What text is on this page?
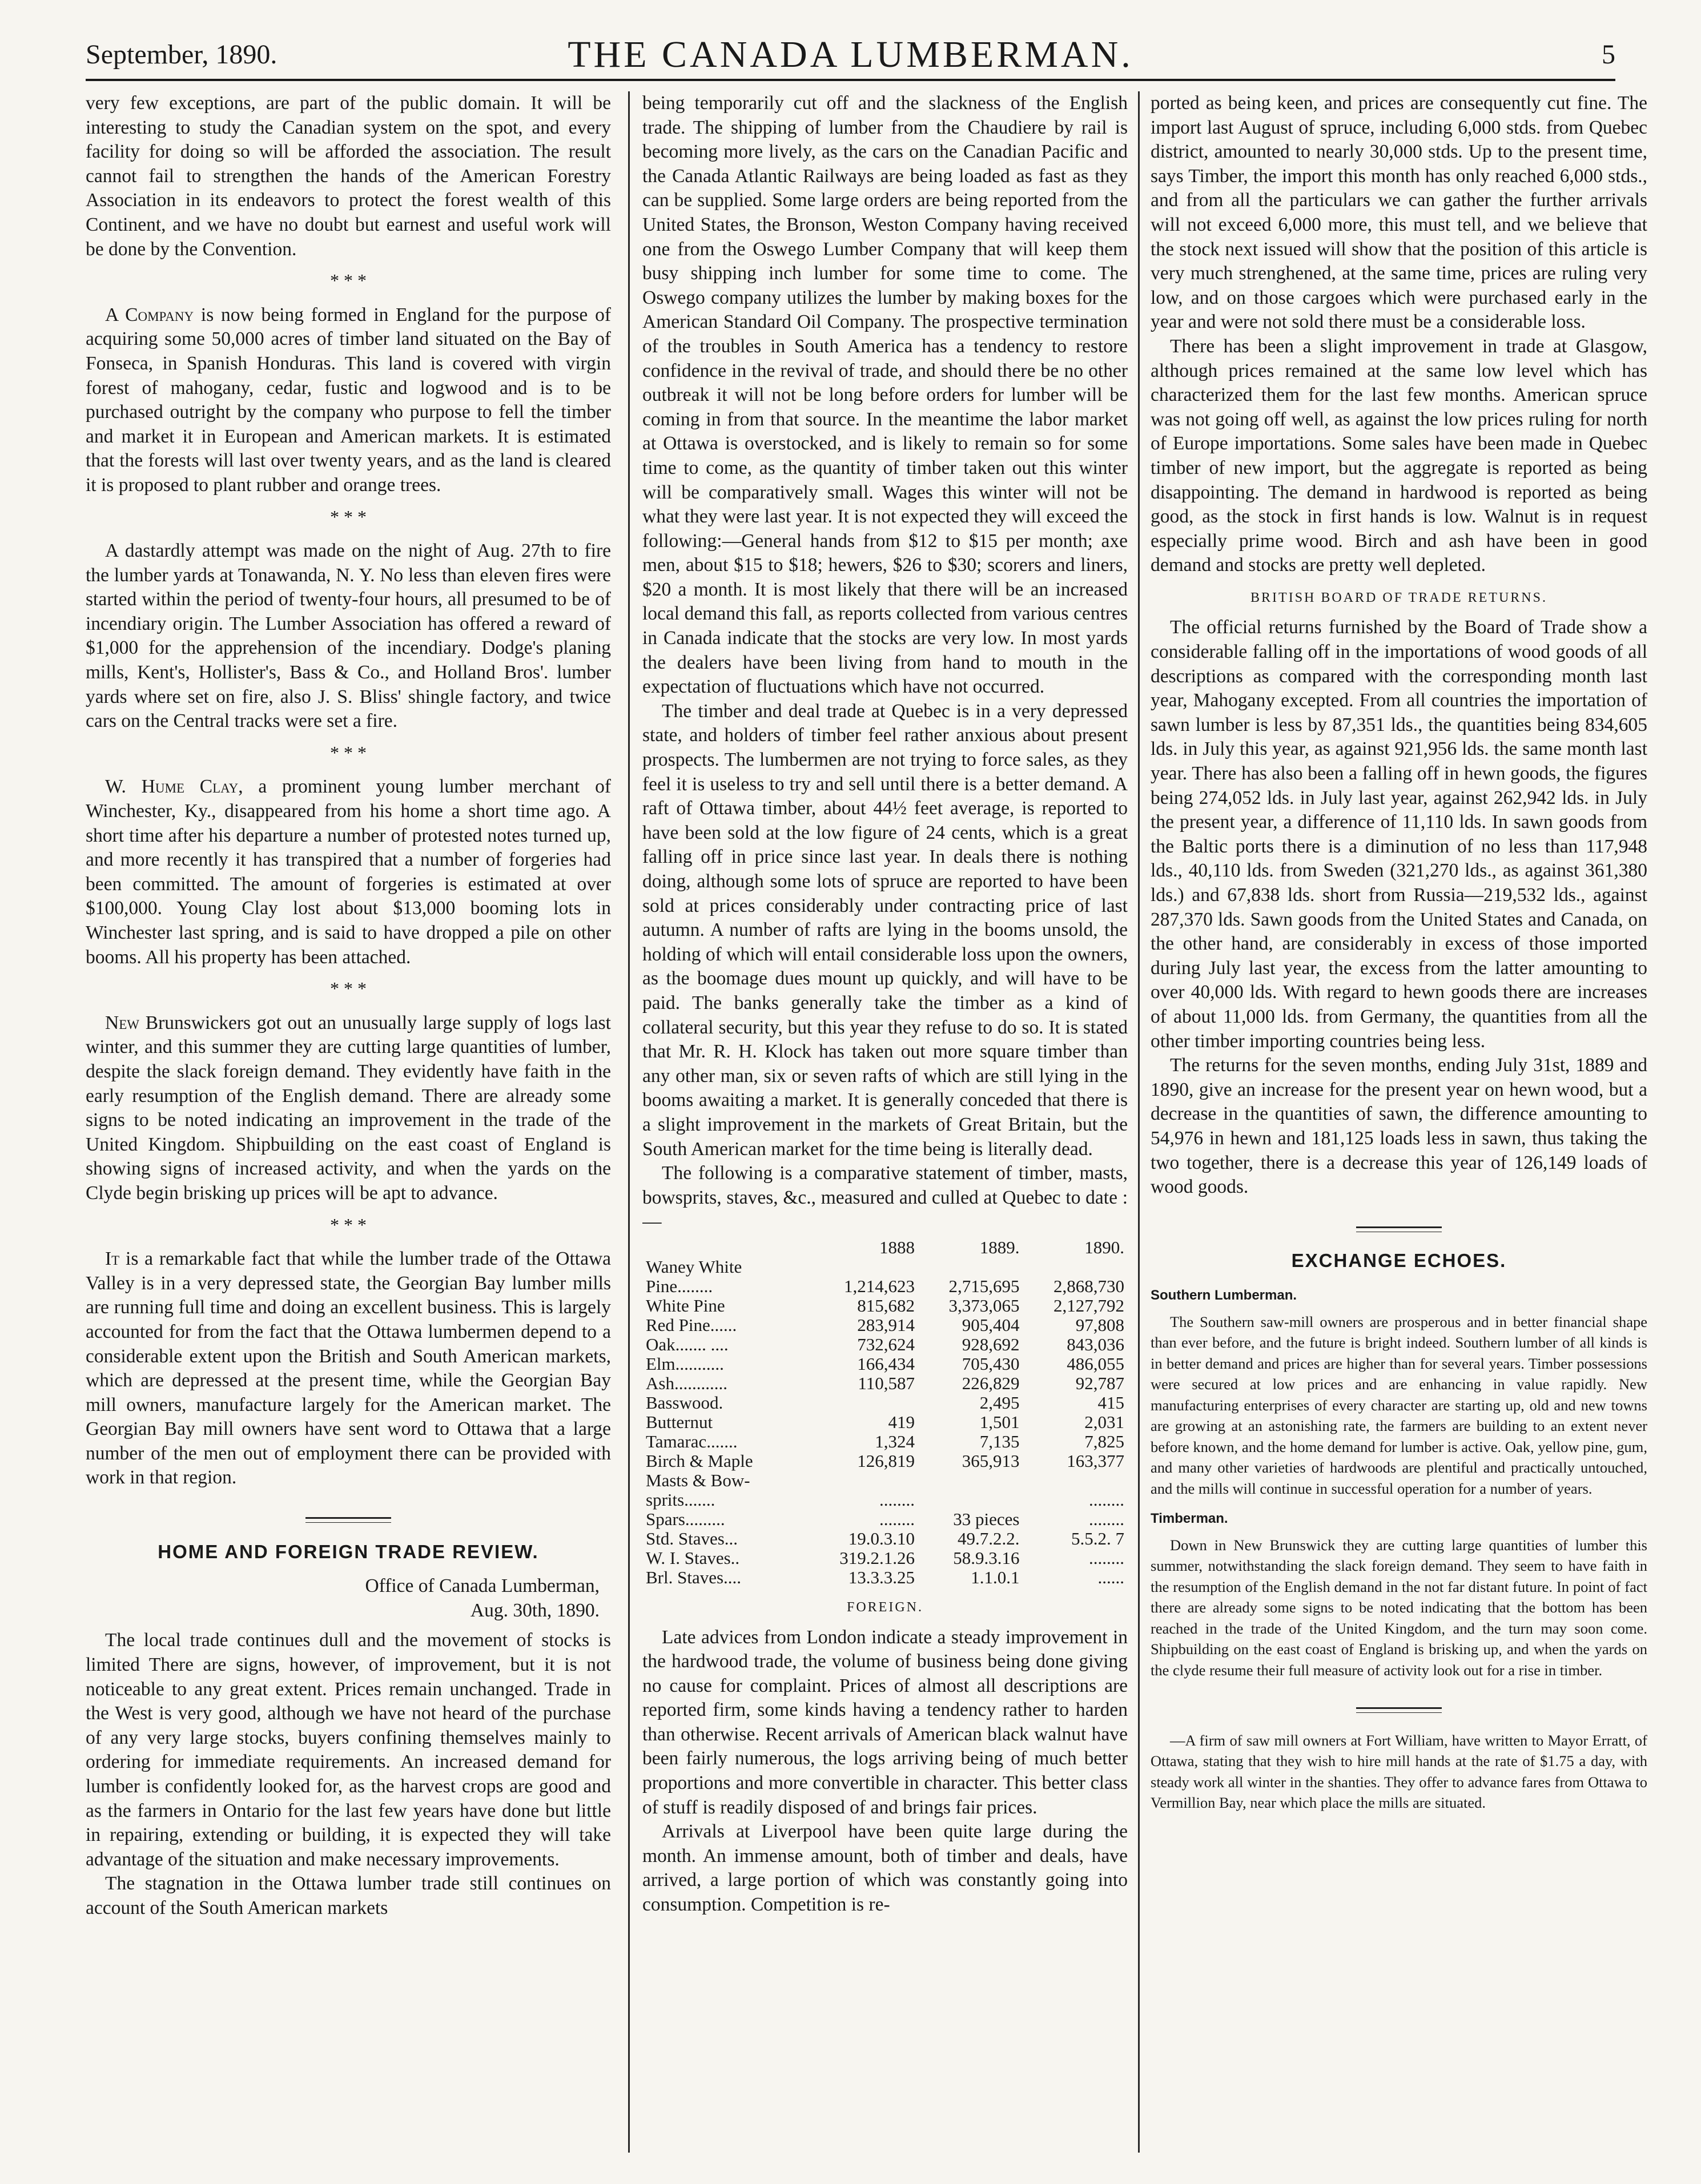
September, 1890.	THE CANADA LUMBERMAN.	5

very few exceptions, are part of the public domain. It will be interesting to study the Canadian system on the spot, and every facility for doing so will be afforded the association. The result cannot fail to strengthen the hands of the American Forestry Association in its endeavors to protect the forest wealth of this Continent, and we have no doubt but earnest and useful work will be done by the Convention.

* * *

A Company is now being formed in England for the purpose of acquiring some 50,000 acres of timber land situated on the Bay of Fonseca, in Spanish Honduras. This land is covered with virgin forest of mahogany, cedar, fustic and logwood and is to be purchased outright by the company who purpose to fell the timber and market it in European and American markets. It is estimated that the forests will last over twenty years, and as the land is cleared it is proposed to plant rubber and orange trees.

* * *

A dastardly attempt was made on the night of Aug. 27th to fire the lumber yards at Tonawanda, N. Y. No less than eleven fires were started within the period of twenty-four hours, all presumed to be of incendiary origin. The Lumber Association has offered a reward of $1,000 for the apprehension of the incendiary. Dodge's planing mills, Kent's, Hollister's, Bass & Co., and Holland Bros'. lumber yards where set on fire, also J. S. Bliss' shingle factory, and twice cars on the Central tracks were set a fire.

* * *

W. Hume Clay, a prominent young lumber merchant of Winchester, Ky., disappeared from his home a short time ago. A short time after his departure a number of protested notes turned up, and more recently it has transpired that a number of forgeries had been committed. The amount of forgeries is estimated at over $100,000. Young Clay lost about $13,000 booming lots in Winchester last spring, and is said to have dropped a pile on other booms. All his property has been attached.

* * *

New Brunswickers got out an unusually large supply of logs last winter, and this summer they are cutting large quantities of lumber, despite the slack foreign demand. They evidently have faith in the early resumption of the English demand. There are already some signs to be noted indicating an improvement in the trade of the United Kingdom. Shipbuilding on the east coast of England is showing signs of increased activity, and when the yards on the Clyde begin brisking up prices will be apt to advance.

* * *

It is a remarkable fact that while the lumber trade of the Ottawa Valley is in a very depressed state, the Georgian Bay lumber mills are running full time and doing an excellent business. This is largely accounted for from the fact that the Ottawa lumbermen depend to a considerable extent upon the British and South American markets, which are depressed at the present time, while the Georgian Bay mill owners, manufacture largely for the American market. The Georgian Bay mill owners have sent word to Ottawa that a large number of the men out of employment there can be provided with work in that region.

HOME AND FOREIGN TRADE REVIEW.
Office of Canada Lumberman,
Aug. 30th, 1890.

The local trade continues dull and the movement of stocks is limited There are signs, however, of improvement, but it is not noticeable to any great extent. Prices remain unchanged. Trade in the West is very good, although we have not heard of the purchase of any very large stocks, buyers confining themselves mainly to ordering for immediate requirements. An increased demand for lumber is confidently looked for, as the harvest crops are good and as the farmers in Ontario for the last few years have done but little in repairing, extending or building, it is expected they will take advantage of the situation and make necessary improvements.

The stagnation in the Ottawa lumber trade still continues on account of the South American markets

being temporarily cut off and the slackness of the English trade. The shipping of lumber from the Chaudiere by rail is becoming more lively, as the cars on the Canadian Pacific and the Canada Atlantic Railways are being loaded as fast as they can be supplied. Some large orders are being reported from the United States, the Bronson, Weston Company having received one from the Oswego Lumber Company that will keep them busy shipping inch lumber for some time to come. The Oswego company utilizes the lumber by making boxes for the American Standard Oil Company. The prospective termination of the troubles in South America has a tendency to restore confidence in the revival of trade, and should there be no other outbreak it will not be long before orders for lumber will be coming in from that source. In the meantime the labor market at Ottawa is overstocked, and is likely to remain so for some time to come, as the quantity of timber taken out this winter will be comparatively small. Wages this winter will not be what they were last year. It is not expected they will exceed the following:—General hands from $12 to $15 per month; axe men, about $15 to $18; hewers, $26 to $30; scorers and liners, $20 a month. It is most likely that there will be an increased local demand this fall, as reports collected from various centres in Canada indicate that the stocks are very low. In most yards the dealers have been living from hand to mouth in the expectation of fluctuations which have not occurred.

The timber and deal trade at Quebec is in a very depressed state, and holders of timber feel rather anxious about present prospects. The lumbermen are not trying to force sales, as they feel it is useless to try and sell until there is a better demand. A raft of Ottawa timber, about 44½ feet average, is reported to have been sold at the low figure of 24 cents, which is a great falling off in price since last year. In deals there is nothing doing, although some lots of spruce are reported to have been sold at prices considerably under contracting price of last autumn. A number of rafts are lying in the booms unsold, the holding of which will entail considerable loss upon the owners, as the boomage dues mount up quickly, and will have to be paid. The banks generally take the timber as a kind of collateral security, but this year they refuse to do so. It is stated that Mr. R. H. Klock has taken out more square timber than any other man, six or seven rafts of which are still lying in the booms awaiting a market. It is generally conceded that there is a slight improvement in the markets of Great Britain, but the South American market for the time being is literally dead.

The following is a comparative statement of timber, masts, bowsprits, staves, &c., measured and culled at Quebec to date :—

	1888	1889.	1890.
Waney White			
Pine........	1,214,623	2,715,695	2,868,730
White Pine	815,682	3,373,065	2,127,792
Red Pine......	283,914	905,404	97,808
Oak....... ....	732,624	928,692	843,036
Elm...........	166,434	705,430	486,055
Ash............	110,587	226,829	92,787
Basswood.		2,495	415
Butternut	419	1,501	2,031
Tamarac.......	1,324	7,135	7,825
Birch & Maple	126,819	365,913	163,377
Masts & Bow-			
sprits.......	........		........
Spars.........	........	33 pieces	........
Std. Staves...	19.0.3.10	49.7.2.2.	5.5.2. 7
W. I. Staves..	319.2.1.26	58.9.3.16	........
Brl. Staves....	13.3.3.25	1.1.0.1	......
FOREIGN.

Late advices from London indicate a steady improvement in the hardwood trade, the volume of business being done giving no cause for complaint. Prices of almost all descriptions are reported firm, some kinds having a tendency rather to harden than otherwise. Recent arrivals of American black walnut have been fairly numerous, the logs arriving being of much better proportions and more convertible in character. This better class of stuff is readily disposed of and brings fair prices.

Arrivals at Liverpool have been quite large during the month. An immense amount, both of timber and deals, have arrived, a large portion of which was constantly going into consumption. Competition is re-

ported as being keen, and prices are consequently cut fine. The import last August of spruce, including 6,000 stds. from Quebec district, amounted to nearly 30,000 stds. Up to the present time, says Timber, the import this month has only reached 6,000 stds., and from all the particulars we can gather the further arrivals will not exceed 6,000 more, this must tell, and we believe that the stock next issued will show that the position of this article is very much strenghened, at the same time, prices are ruling very low, and on those cargoes which were purchased early in the year and were not sold there must be a considerable loss.

There has been a slight improvement in trade at Glasgow, although prices remained at the same low level which has characterized them for the last few months. American spruce was not going off well, as against the low prices ruling for north of Europe importations. Some sales have been made in Quebec timber of new import, but the aggregate is reported as being disappointing. The demand in hardwood is reported as being good, as the stock in first hands is low. Walnut is in request especially prime wood. Birch and ash have been in good demand and stocks are pretty well depleted.

BRITISH BOARD OF TRADE RETURNS.

The official returns furnished by the Board of Trade show a considerable falling off in the importations of wood goods of all descriptions as compared with the corresponding month last year, Mahogany excepted. From all countries the importation of sawn lumber is less by 87,351 lds., the quantities being 834,605 lds. in July this year, as against 921,956 lds. the same month last year. There has also been a falling off in hewn goods, the figures being 274,052 lds. in July last year, against 262,942 lds. in July the present year, a difference of 11,110 lds. In sawn goods from the Baltic ports there is a diminution of no less than 117,948 lds., 40,110 lds. from Sweden (321,270 lds., as against 361,380 lds.) and 67,838 lds. short from Russia—219,532 lds., against 287,370 lds. Sawn goods from the United States and Canada, on the other hand, are considerably in excess of those imported during July last year, the excess from the latter amounting to over 40,000 lds. With regard to hewn goods there are increases of about 11,000 lds. from Germany, the quantities from all the other timber importing countries being less.

The returns for the seven months, ending July 31st, 1889 and 1890, give an increase for the present year on hewn wood, but a decrease in the quantities of sawn, the difference amounting to 54,976 in hewn and 181,125 loads less in sawn, thus taking the two together, there is a decrease this year of 126,149 loads of wood goods.

EXCHANGE ECHOES.
Southern Lumberman.

The Southern saw-mill owners are prosperous and in better financial shape than ever before, and the future is bright indeed. Southern lumber of all kinds is in better demand and prices are higher than for several years. Timber possessions were secured at low prices and are enhancing in value rapidly. New manufacturing enterprises of every character are starting up, old and new towns are growing at an astonishing rate, the farmers are building to an extent never before known, and the home demand for lumber is active. Oak, yellow pine, gum, and many other varieties of hardwoods are plentiful and practically untouched, and the mills will continue in successful operation for a number of years.

Timberman.

Down in New Brunswick they are cutting large quantities of lumber this summer, notwithstanding the slack foreign demand. They seem to have faith in the resumption of the English demand in the not far distant future. In point of fact there are already some signs to be noted indicating that the bottom has been reached in the trade of the United Kingdom, and the turn may soon come. Shipbuilding on the east coast of England is brisking up, and when the yards on the clyde resume their full measure of activity look out for a rise in timber.

—A firm of saw mill owners at Fort William, have written to Mayor Erratt, of Ottawa, stating that they wish to hire mill hands at the rate of $1.75 a day, with steady work all winter in the shanties. They offer to advance fares from Ottawa to Vermillion Bay, near which place the mills are situated.
